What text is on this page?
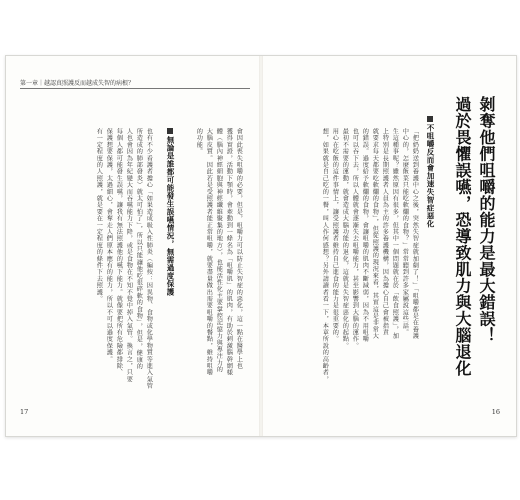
第一章｜越認真照護反而越成失智的病根？
會因此喪失咀嚼的必要，但是，咀嚼力可以防止失智症的惡化，這一點在醫學上也
獲得實證，活動下顎時，會牽動到一條名為「咀嚼肌」的肌肉，有助於刺激腦幹網樣
體（腦內神經細胞與神經纖維聚集的地方），也能活性化主要掌控記憶力與專注力的
大腦皮質。因此若是受照護者能正常咀嚼，就要盡量做出需要咀嚼的餐點，維持咀嚼
的功能。
無論是誰都可能發生誤嚥情況，無需過度保護
也有不少看護者擔心「如果造成吸入性肺炎（編按：因異物、食物或化學物質等進入氣管
所造成的肺部發炎）就太可怕了」，所以只能讓他吃很碎軟的食物」，但是，健康的
人也會因為年紀變大而吞嚥能力下降，或是食物在不知不覺中掉入氣管。換言之，只要
每個人都可能發生誤嚥，讓我有無法照護他的嚥下能力。就像要把所有危險都排除、
保護想要保護，太過細心，會奪走人們原本應有的能力，所以不可以過度保護。
有一定程度的人照護，就是要在一定程度的條件下去照護。
17
剝奪他們咀嚼的能力是最大錯誤！
過於畏懼誤嚥，恐導致肌力與大腦退化
不咀嚼反而會加速失智症惡化
「把奶奶送到養護中心之後，突然失智症就加劇了！」「咀嚼都是在養護
中心的，怎麼飯菜只能吃軟爛的食物？」常常聽到許多家屬說這些話。
生這種事呢？雖然原因有很多，但其中一個問題就在於「飲食照護」，加
上特別是長期照護者人員為主的許多養護機構，因為擔心自己會被指責
就要求每天都要吃軟爛的食物」，但從照護的現況來看，其實這是非常大
的錯誤。過度給予軟爛的食物，會讓咀嚼的肌肉不斷減弱，因為不用咀嚼
也可以吞下去，所以人體就會逐漸失去咀嚼能力，甚至影響到大腦的運作。
最初不需要的運動，就會造成大腦功能的退化，這就是失智症惡化的起點。
用心在吃飯的這件事情上，讓受照護者維持自己進食的能力是很重要的。
想，如果就是自己吃的一餐，叫人作何感想？另外請讀者看一下，本章所說的高齡者，
16
